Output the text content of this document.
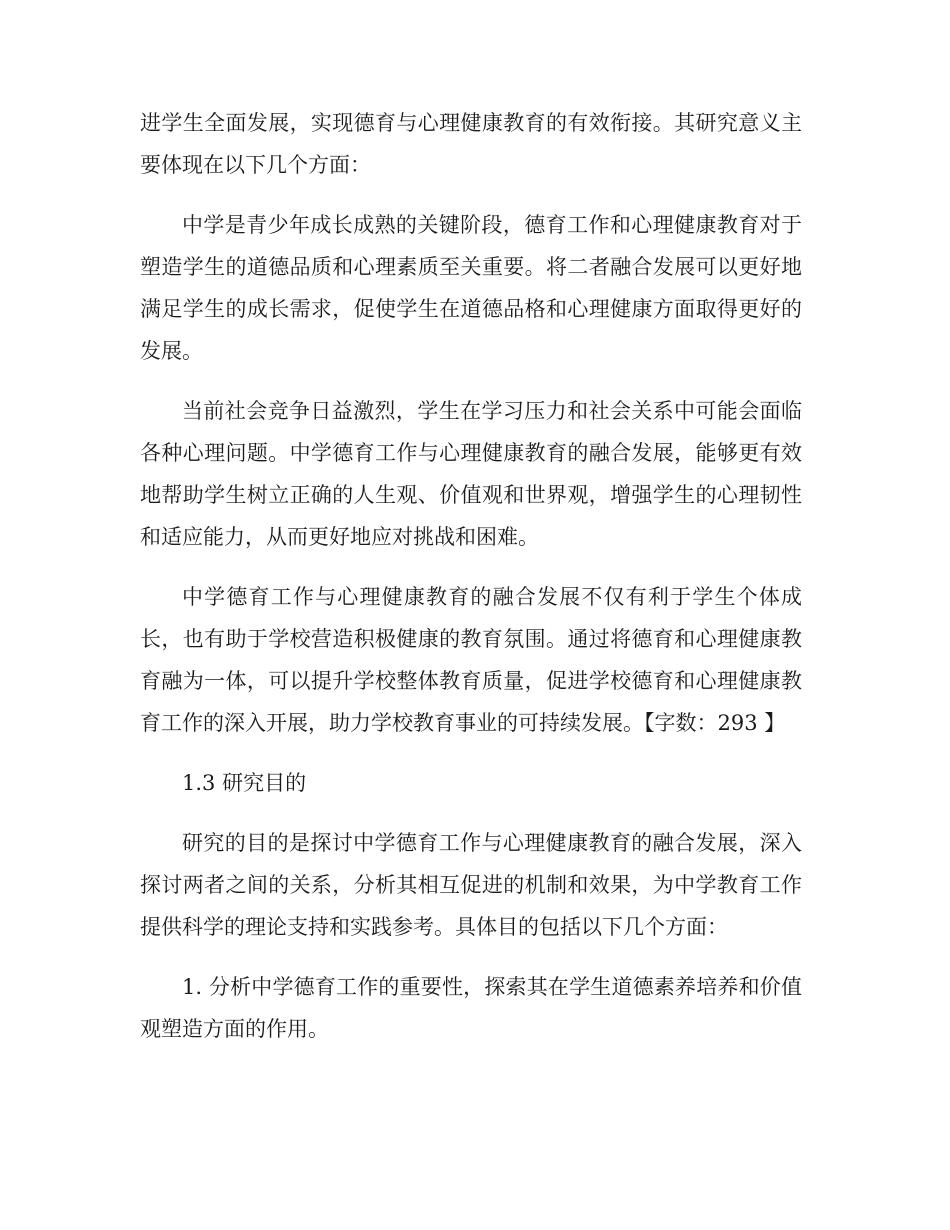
进学生全面发展，实现德育与心理健康教育的有效衔接。其研究意义主要体现在以下几个方面：

中学是青少年成长成熟的关键阶段，德育工作和心理健康教育对于塑造学生的道德品质和心理素质至关重要。将二者融合发展可以更好地满足学生的成长需求，促使学生在道德品格和心理健康方面取得更好的发展。

当前社会竞争日益激烈，学生在学习压力和社会关系中可能会面临各种心理问题。中学德育工作与心理健康教育的融合发展，能够更有效地帮助学生树立正确的人生观、价值观和世界观，增强学生的心理韧性和适应能力，从而更好地应对挑战和困难。

中学德育工作与心理健康教育的融合发展不仅有利于学生个体成长，也有助于学校营造积极健康的教育氛围。通过将德育和心理健康教育融为一体，可以提升学校整体教育质量，促进学校德育和心理健康教育工作的深入开展，助力学校教育事业的可持续发展。【字数：293 】

1.3 研究目的

研究的目的是探讨中学德育工作与心理健康教育的融合发展，深入探讨两者之间的关系，分析其相互促进的机制和效果，为中学教育工作提供科学的理论支持和实践参考。具体目的包括以下几个方面：

1. 分析中学德育工作的重要性，探索其在学生道德素养培养和价值观塑造方面的作用。
